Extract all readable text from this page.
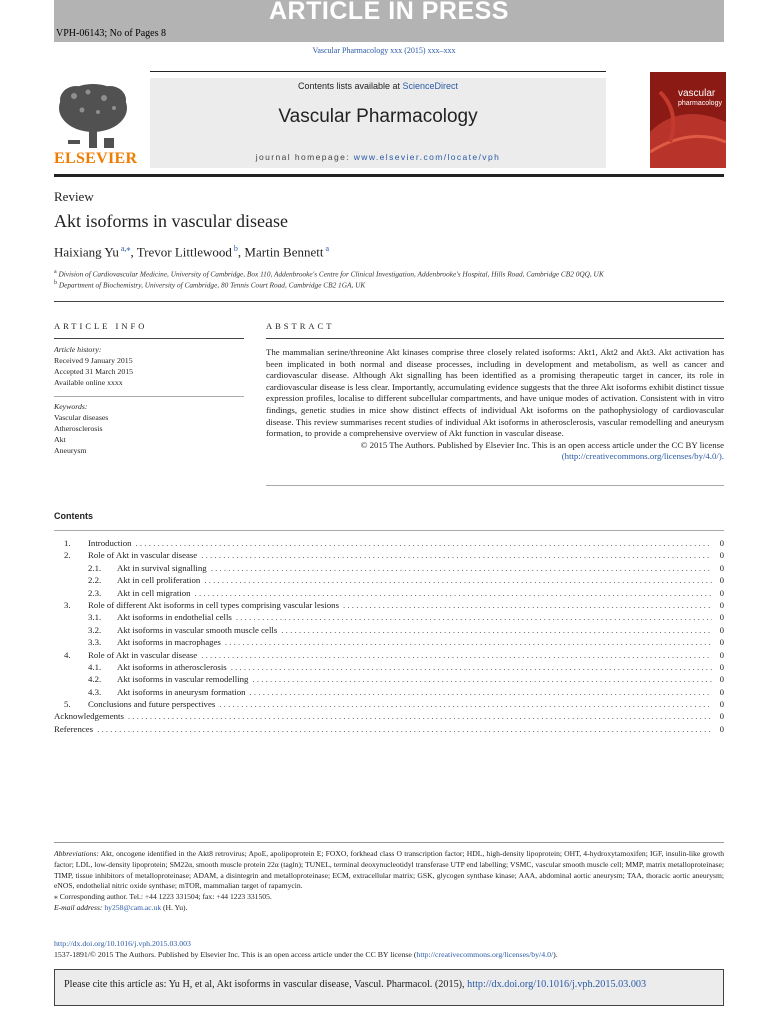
ARTICLE IN PRESS
VPH-06143; No of Pages 8
Vascular Pharmacology xxx (2015) xxx–xxx
ELSEVIER
Contents lists available at ScienceDirect
Vascular Pharmacology
journal homepage: www.elsevier.com/locate/vph
vascular
pharmacology
Review
Akt isoforms in vascular disease
Haixiang Yu $^{a,⁎}$, Trevor Littlewood $^b$, Martin Bennett $^a$
$^a$ Division of Cardiovascular Medicine, University of Cambridge, Box 110, Addenbrooke's Centre for Clinical Investigation, Addenbrooke's Hospital, Hills Road, Cambridge CB2 0QQ, UK
$^b$ Department of Biochemistry, University of Cambridge, 80 Tennis Court Road, Cambridge CB2 1GA, UK
ARTICLE INFO
Article history:
Received 9 January 2015
Accepted 31 March 2015
Available online xxxx
Keywords:
Vascular diseases
Atherosclerosis
Akt
Aneurysm
ABSTRACT
The mammalian serine/threonine Akt kinases comprise three closely related isoforms: Akt1, Akt2 and Akt3. Akt activation has been implicated in both normal and disease processes, including in development and metabolism, as well as cancer and cardiovascular disease. Although Akt signalling has been identified as a promising therapeutic target in cancer, its role in cardiovascular disease is less clear. Importantly, accumulating evidence suggests that the three Akt isoforms exhibit distinct tissue expression profiles, localise to different subcellular compartments, and have unique modes of activation. Consistent with in vitro findings, genetic studies in mice show distinct effects of individual Akt isoforms on the pathophysiology of cardiovascular disease. This review summarises recent studies of individual Akt isoforms in atherosclerosis, vascular remodelling and aneurysm formation, to provide a comprehensive overview of Akt function in vascular disease.
© 2015 The Authors. Published by Elsevier Inc. This is an open access article under the CC BY license
(http://creativecommons.org/licenses/by/4.0/).
Contents
1.	Introduction . . .	0
2.	Role of Akt in vascular disease . . .	0
2.1.	Akt in survival signalling . . .	0
2.2.	Akt in cell proliferation . . .	0
2.3.	Akt in cell migration . . .	0
3.	Role of different Akt isoforms in cell types comprising vascular lesions . . .	0
3.1.	Akt isoforms in endothelial cells . . .	0
3.2.	Akt isoforms in vascular smooth muscle cells . . .	0
3.3.	Akt isoforms in macrophages . . .	0
4.	Role of Akt in vascular disease . . .	0
4.1.	Akt isoforms in atherosclerosis . . .	0
4.2.	Akt isoforms in vascular remodelling . . .	0
4.3.	Akt isoforms in aneurysm formation . . .	0
5.	Conclusions and future perspectives . . .	0
Acknowledgements . . .	0
References . . .	0
Abbreviations: Akt, oncogene identified in the Akt8 retrovirus; ApoE, apolipoprotein E; FOXO, forkhead class O transcription factor; HDL, high-density lipoprotein; OHT, 4-hydroxytamoxifen; IGF, insulin-like growth factor; LDL, low-density lipoprotein; SM22α, smooth muscle protein 22α (tagln); TUNEL, terminal deoxynucleotidyl transferase UTP end labelling; VSMC, vascular smooth muscle cell; MMP, matrix metalloproteinase; TIMP, tissue inhibitors of metalloproteinase; ADAM, a disintegrin and metalloproteinase; ECM, extracellular matrix; GSK, glycogen synthase kinase; AAA, abdominal aortic aneurysm; TAA, thoracic aortic aneurysm; eNOS, endothelial nitric oxide synthase; mTOR, mammalian target of rapamycin.
⁎ Corresponding author. Tel.: +44 1223 331504; fax: +44 1223 331505.
E-mail address: hy258@cam.ac.uk (H. Yu).
http://dx.doi.org/10.1016/j.vph.2015.03.003
1537-1891/© 2015 The Authors. Published by Elsevier Inc. This is an open access article under the CC BY license (http://creativecommons.org/licenses/by/4.0/).
Please cite this article as: Yu H, et al, Akt isoforms in vascular disease, Vascul. Pharmacol. (2015), http://dx.doi.org/10.1016/j.vph.2015.03.003
